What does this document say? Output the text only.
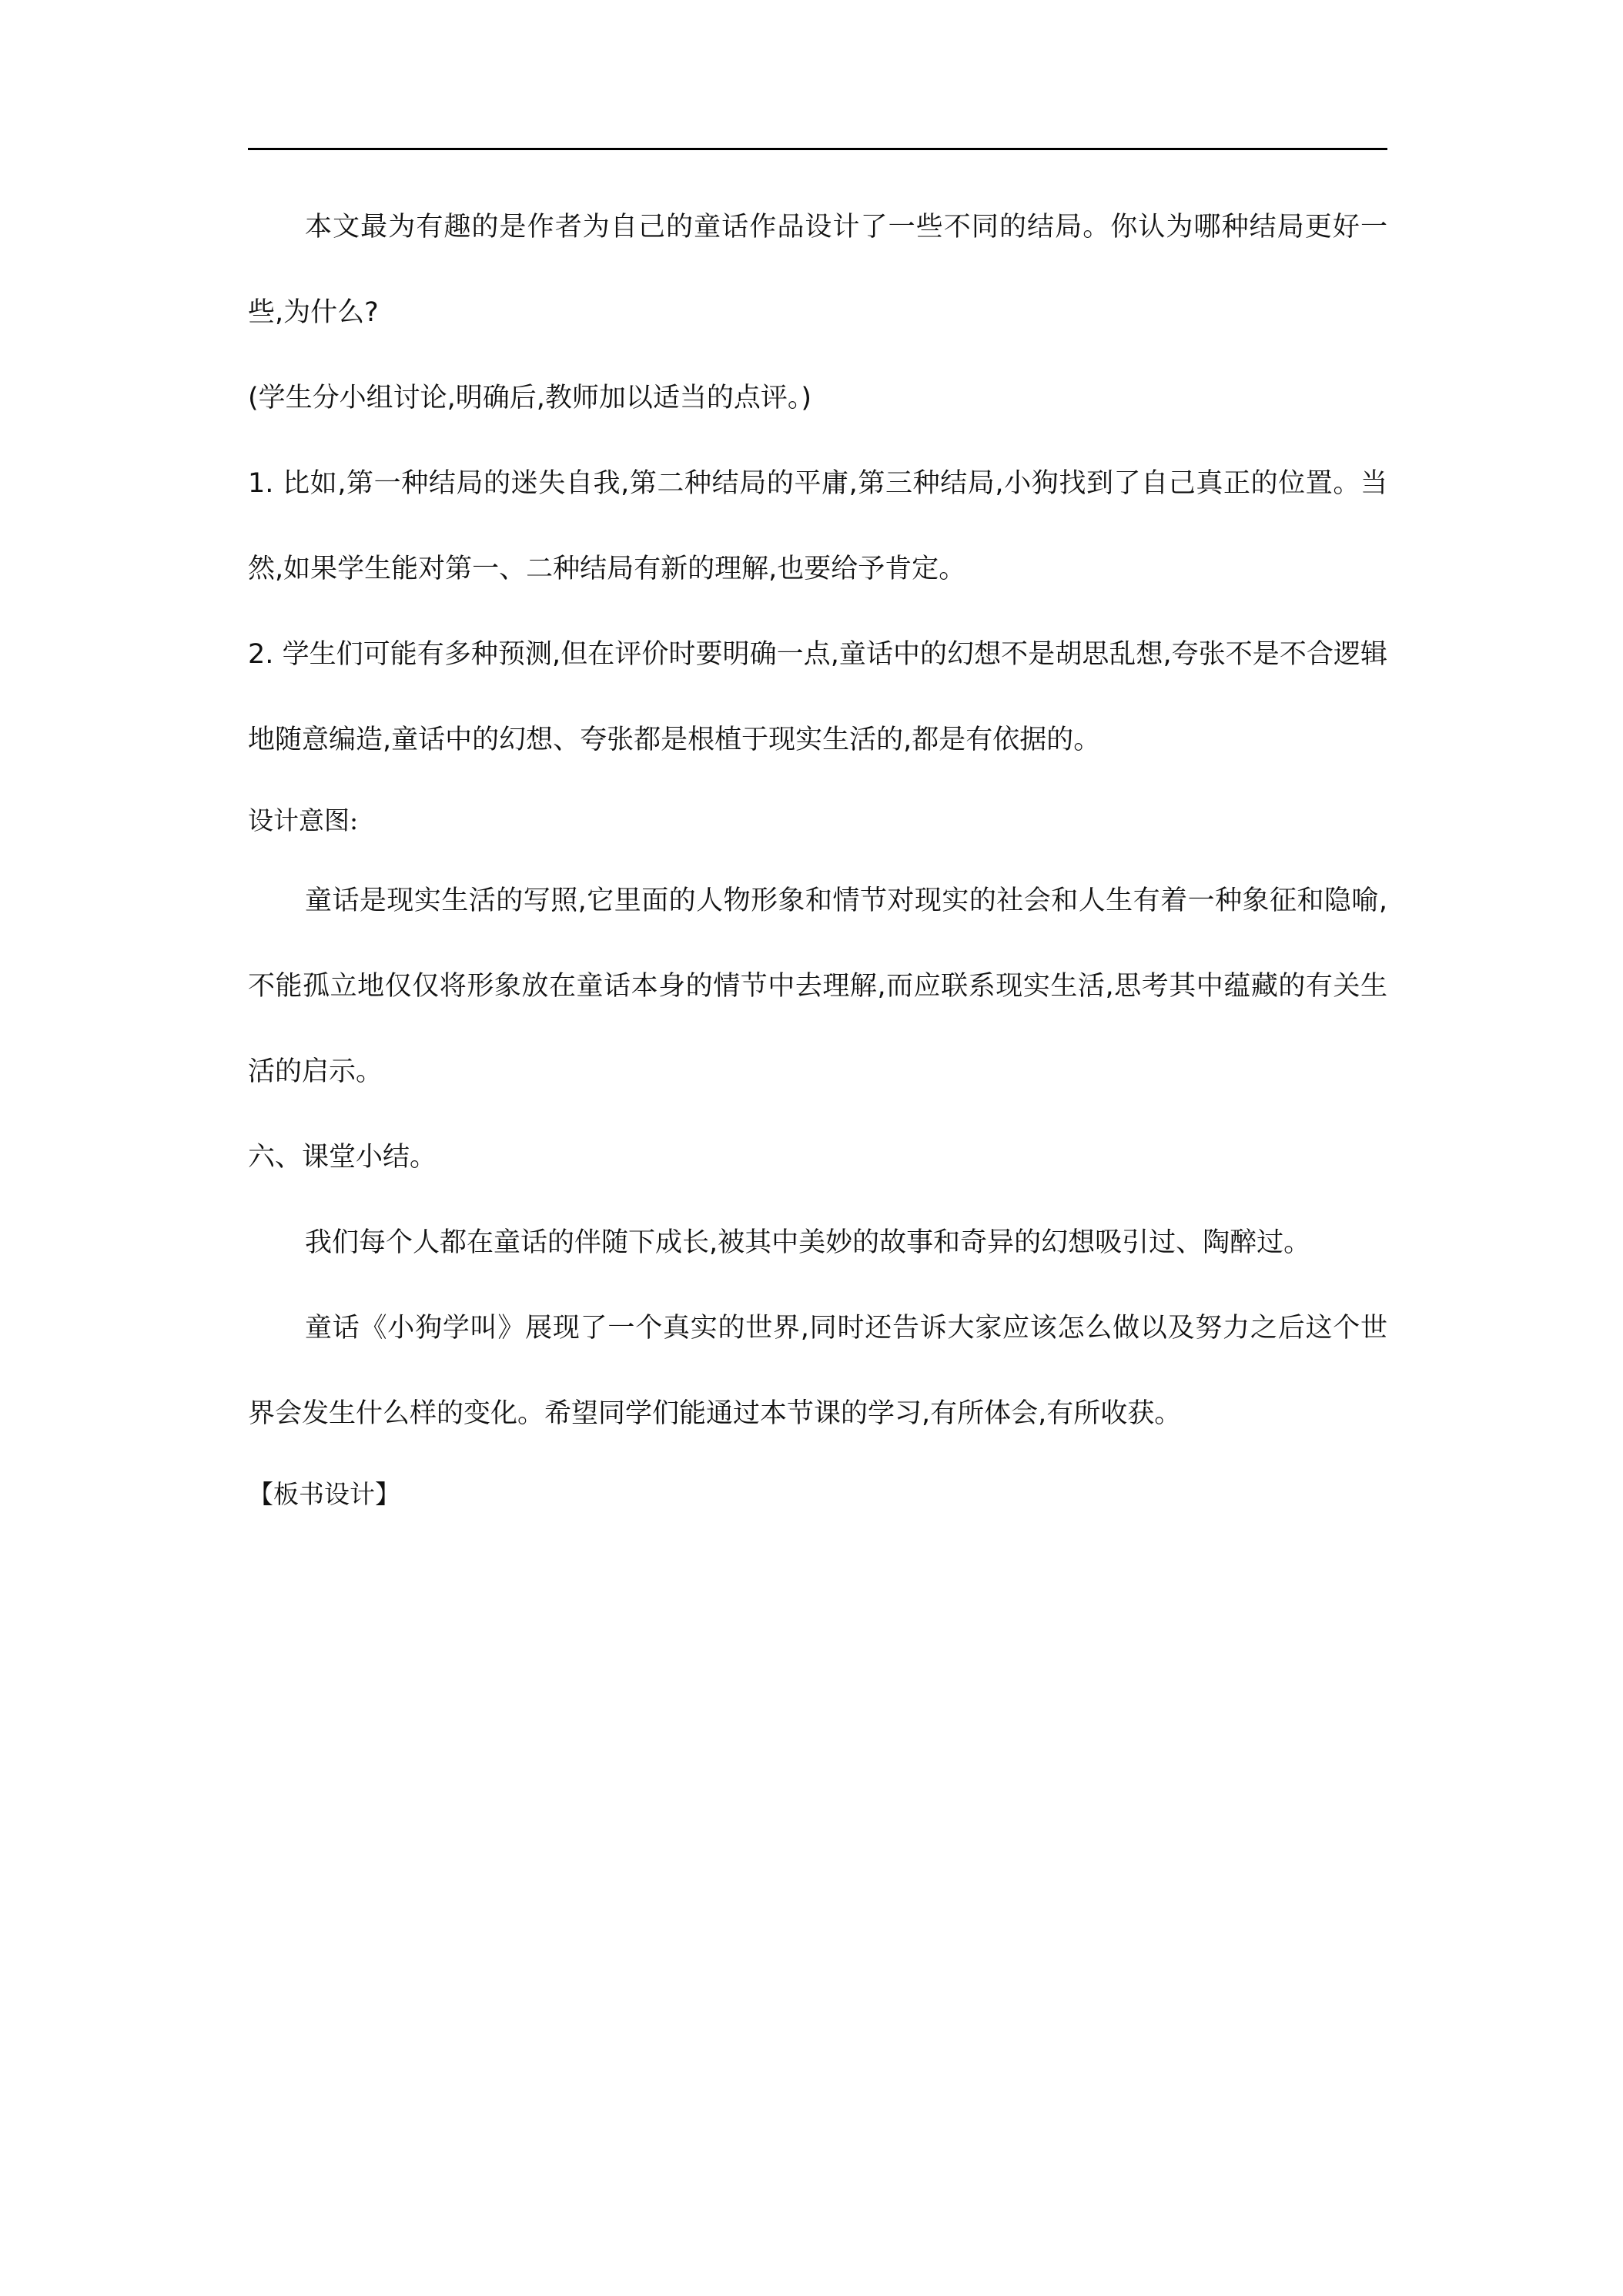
本文最为有趣的是作者为自己的童话作品设计了一些不同的结局。你认为哪种结局更好一些,为什么?

(学生分小组讨论,明确后,教师加以适当的点评。)

1. 比如,第一种结局的迷失自我,第二种结局的平庸,第三种结局,小狗找到了自己真正的位置。当然,如果学生能对第一、二种结局有新的理解,也要给予肯定。

2. 学生们可能有多种预测,但在评价时要明确一点,童话中的幻想不是胡思乱想,夸张不是不合逻辑地随意编造,童话中的幻想、夸张都是根植于现实生活的,都是有依据的。

设计意图:

童话是现实生活的写照,它里面的人物形象和情节对现实的社会和人生有着一种象征和隐喻,不能孤立地仅仅将形象放在童话本身的情节中去理解,而应联系现实生活,思考其中蕴藏的有关生活的启示。

六、课堂小结。

我们每个人都在童话的伴随下成长,被其中美妙的故事和奇异的幻想吸引过、陶醉过。

童话《小狗学叫》展现了一个真实的世界,同时还告诉大家应该怎么做以及努力之后这个世界会发生什么样的变化。希望同学们能通过本节课的学习,有所体会,有所收获。

【板书设计】
